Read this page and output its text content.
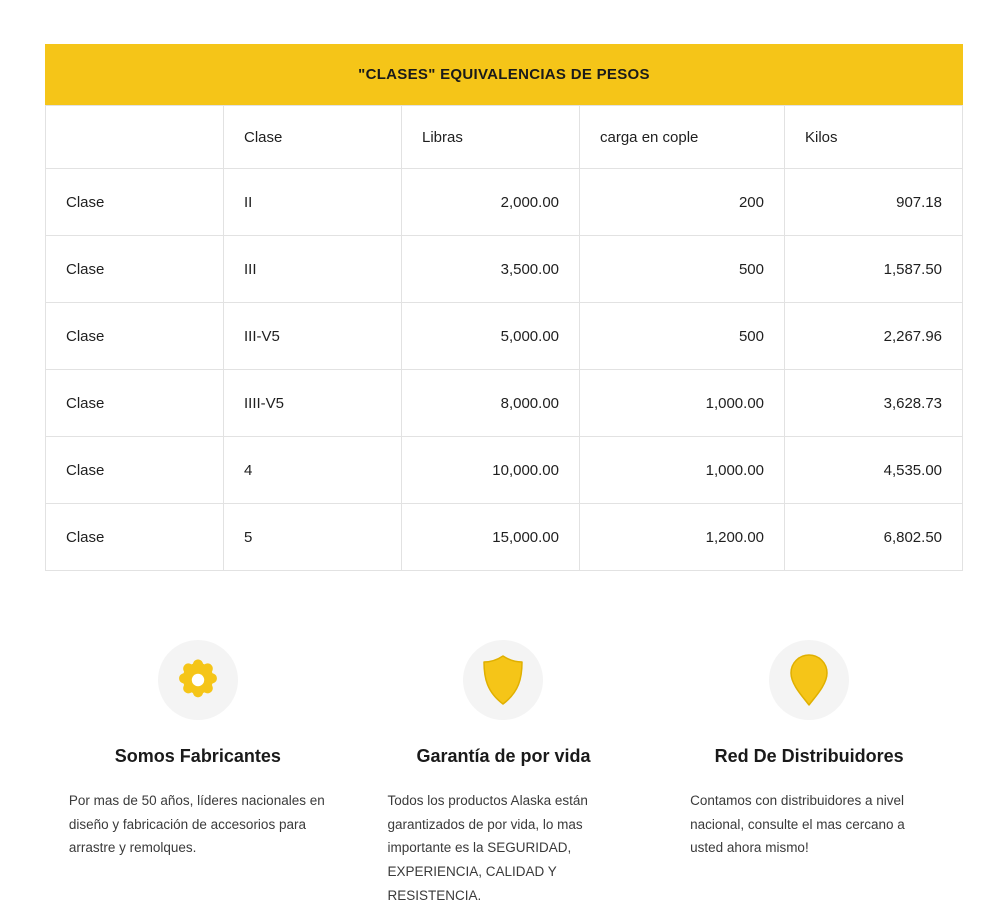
"CLASES" EQUIVALENCIAS DE PESOS
	Clase	Libras	carga en cople	Kilos
Clase	II	2,000.00	200	907.18
Clase	III	3,500.00	500	1,587.50
Clase	III-V5	5,000.00	500	2,267.96
Clase	IIII-V5	8,000.00	1,000.00	3,628.73
Clase	4	10,000.00	1,000.00	4,535.00
Clase	5	15,000.00	1,200.00	6,802.50
Somos Fabricantes

Por mas de 50 años, líderes nacionales en diseño y fabricación de accesorios para arrastre y remolques.

Garantía de por vida

Todos los productos Alaska están garantizados de por vida, lo mas importante es la SEGURIDAD, EXPERIENCIA, CALIDAD Y RESISTENCIA.

Red De Distribuidores

Contamos con distribuidores a nivel nacional, consulte el mas cercano a usted ahora mismo!
